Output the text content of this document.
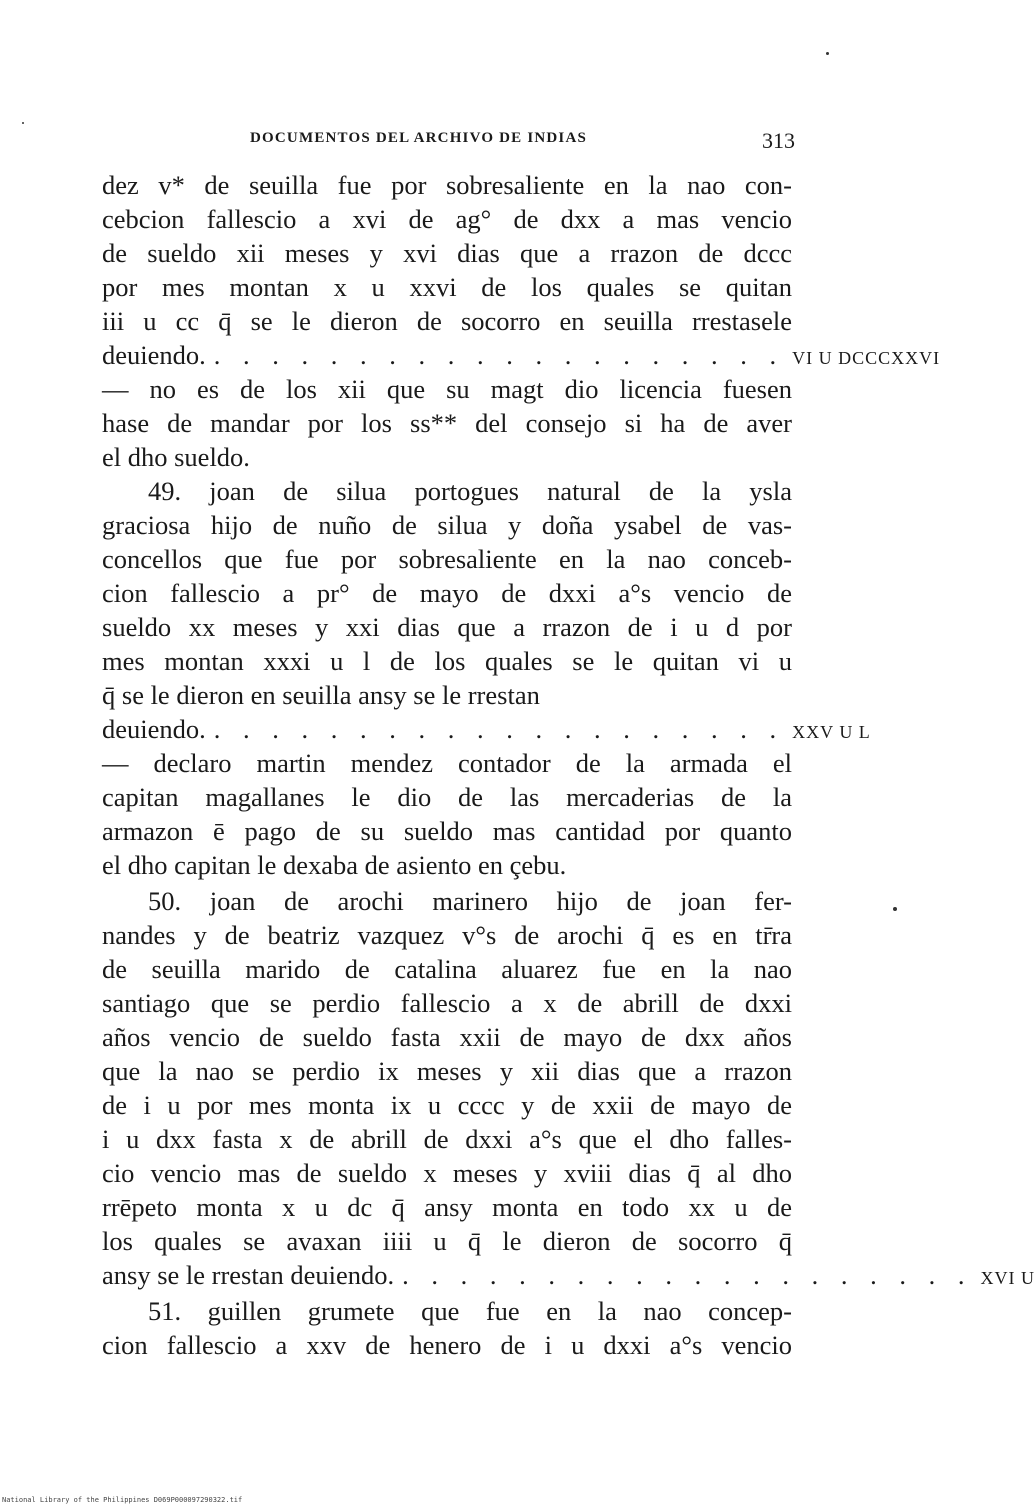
DOCUMENTOS DEL ARCHIVO DE INDIAS	313
dez v* de seuilla fue por sobresaliente en la nao con-
cebcion fallescio a xvi de ag° de dxx a mas vencio
de sueldo xii meses y xvi dias que a rrazon de dccc
por mes montan x u xxvi de los quales se quitan
iii u cc q̄ se le dieron de socorro en seuilla rrestasele
deuiendo. . . . . . . . . . . . . . . . . . . . . VI U DCCCXXVI
— no es de los xii que su magt dio licencia fuesen
hase de mandar por los ss** del consejo si ha de aver
el dho sueldo.
49. joan de silua portogues natural de la ysla
graciosa hijo de nuño de silua y doña ysabel de vas-
concellos que fue por sobresaliente en la nao conceb-
cion fallescio a pr° de mayo de dxxi a°s vencio de
sueldo xx meses y xxi dias que a rrazon de i u d por
mes montan xxxi u l de los quales se le quitan vi u
q̄ se le dieron en seuilla ansy se le rrestan
deuiendo. . . . . . . . . . . . . . . . . . . . . XXV U L
— declaro martin mendez contador de la armada el
capitan magallanes le dio de las mercaderias de la
armazon ē pago de su sueldo mas cantidad por quanto
el dho capitan le dexaba de asiento en çebu.
50. joan de arochi marinero hijo de joan fer-
nandes y de beatriz vazquez v°s de arochi q̄ es en tr̄ra
de seuilla marido de catalina aluarez fue en la nao
santiago que se perdio fallescio a x de abrill de dxxi
años vencio de sueldo fasta xxii de mayo de dxx años
que la nao se perdio ix meses y xii dias que a rrazon
de i u por mes monta ix u cccc y de xxii de mayo de
i u dxx fasta x de abrill de dxxi a°s que el dho falles-
cio vencio mas de sueldo x meses y xviii dias q̄ al dho
rrēpeto monta x u dc q̄ ansy monta en todo xx u de
los quales se avaxan iiii u q̄ le dieron de socorro q̄
ansy se le rrestan deuiendo. . . . . . . . . . . . . . . . . . . . . XVI U
51. guillen grumete que fue en la nao concep-
cion fallescio a xxv de henero de i u dxxi a°s vencio
National Library of the Philippines D069P000097290322.tif
